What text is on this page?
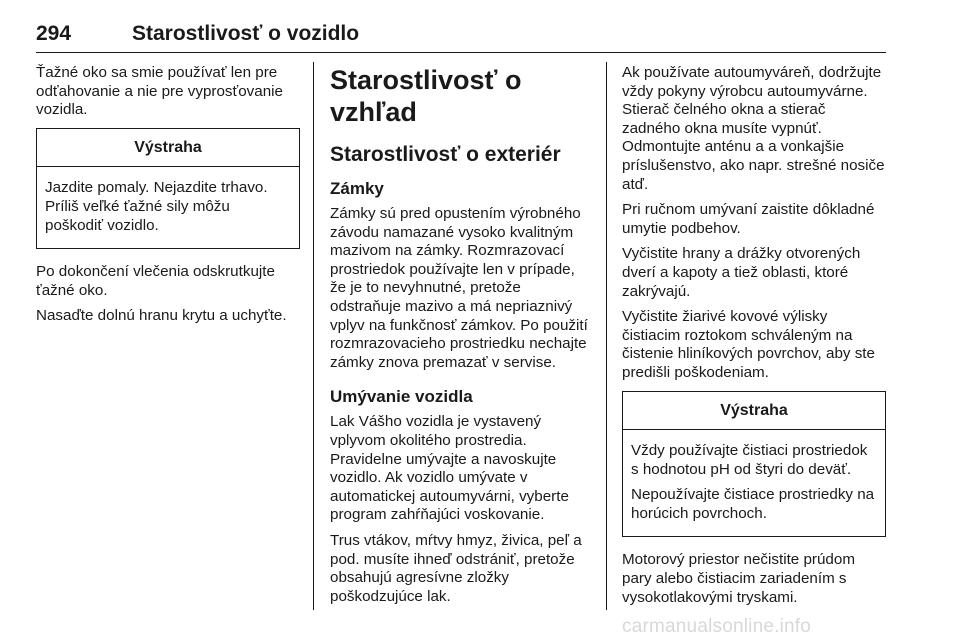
294	Starostlivosť o vozidlo

Ťažné oko sa smie používať len pre odťahovanie a nie pre vyprosťovanie vozidla.

Výstraha

Jazdite pomaly. Nejazdite trhavo. Príliš veľké ťažné sily môžu poškodiť vozidlo.

Po dokončení vlečenia odskrutkujte ťažné oko.

Nasaďte dolnú hranu krytu a uchyťte.

Starostlivosť o vzhľad
Starostlivosť o exteriér
Zámky

Zámky sú pred opustením výrobného závodu namazané vysoko kvalitným mazivom na zámky. Rozmrazovací prostriedok používajte len v prípade, že je to nevyhnutné, pretože odstraňuje mazivo a má nepriaznivý vplyv na funkčnosť zámkov. Po použití rozmrazovacieho prostriedku nechajte zámky znova premazať v servise.

Umývanie vozidla

Lak Vášho vozidla je vystavený vplyvom okolitého prostredia. Pravidelne umývajte a navoskujte vozidlo. Ak vozidlo umývate v automatickej autoumyvárni, vyberte program zahŕňajúci voskovanie.

Trus vtákov, mŕtvy hmyz, živica, peľ a pod. musíte ihneď odstrániť, pretože obsahujú agresívne zložky poškodzujúce lak.

Ak používate autoumyváreň, dodržujte vždy pokyny výrobcu autoumyvárne. Stierač čelného okna a stierač zadného okna musíte vypnúť. Odmontujte anténu a a vonkajšie príslušenstvo, ako napr. strešné nosiče atď.

Pri ručnom umývaní zaistite dôkladné umytie podbehov.

Vyčistite hrany a drážky otvorených dverí a kapoty a tiež oblasti, ktoré zakrývajú.

Vyčistite žiarivé kovové výlisky čistiacim roztokom schváleným na čistenie hliníkových povrchov, aby ste predišli poškodeniam.

Výstraha

Vždy používajte čistiaci prostriedok s hodnotou pH od štyri do deväť.

Nepoužívajte čistiace prostriedky na horúcich povrchoch.

Motorový priestor nečistite prúdom pary alebo čistiacim zariadením s vysokotlakovými tryskami.

carmanualsonline.info
